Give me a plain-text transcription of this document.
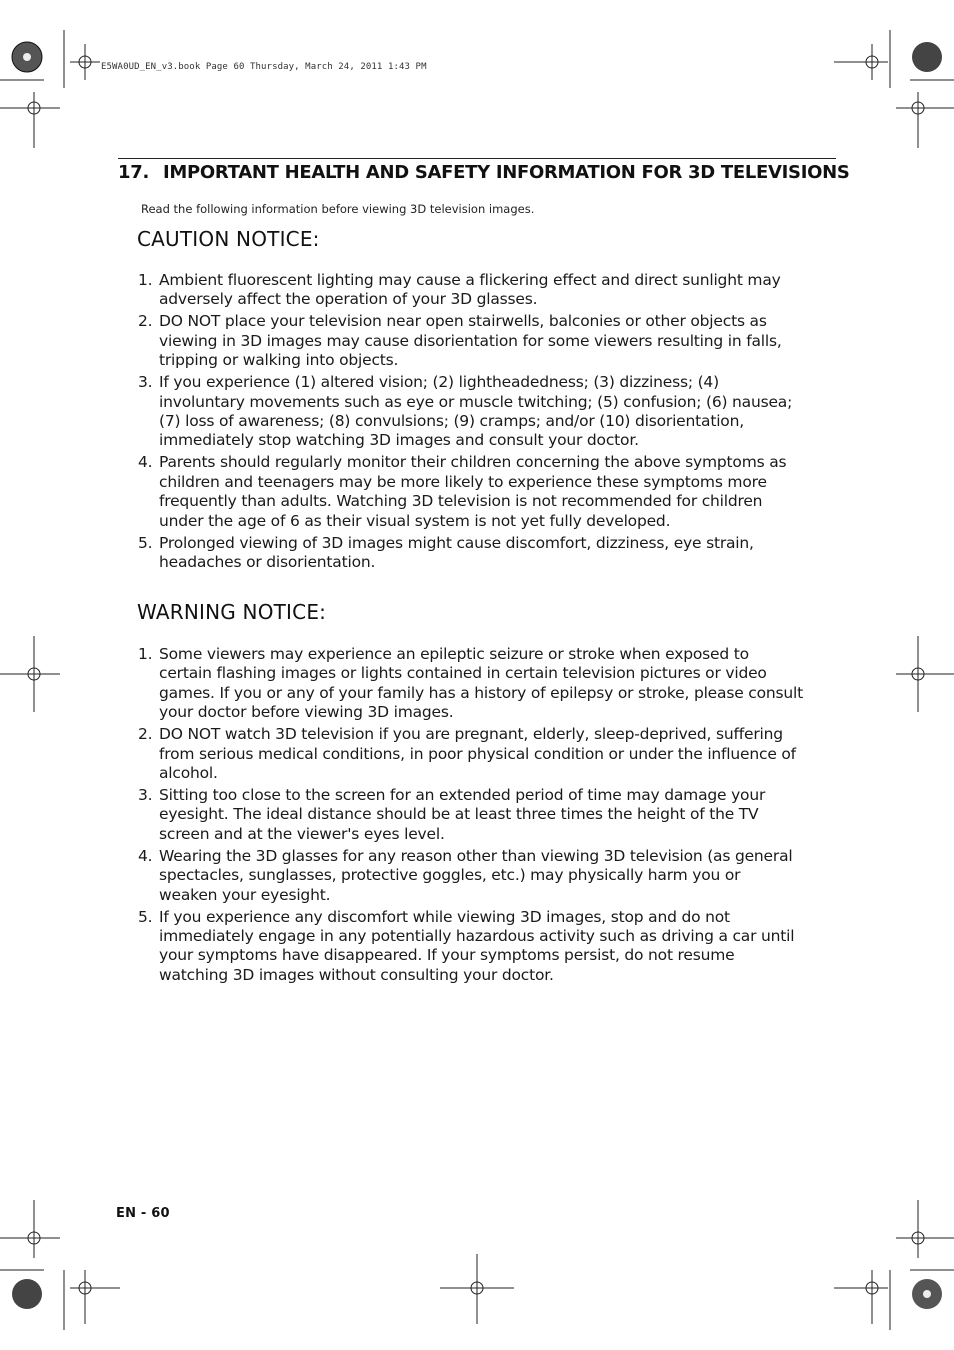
E5WA0UD_EN_v3.book Page 60 Thursday, March 24, 2011 1:43 PM
17. IMPORTANT HEALTH AND SAFETY INFORMATION FOR 3D TELEVISIONS
Read the following information before viewing 3D television images.
CAUTION NOTICE:
1. Ambient fluorescent lighting may cause a flickering effect and direct sunlight may adversely affect the operation of your 3D glasses.
2. DO NOT place your television near open stairwells, balconies or other objects as viewing in 3D images may cause disorientation for some viewers resulting in falls, tripping or walking into objects.
3. If you experience (1) altered vision; (2) lightheadedness; (3) dizziness; (4) involuntary movements such as eye or muscle twitching; (5) confusion; (6) nausea; (7) loss of awareness; (8) convulsions; (9) cramps; and/or (10) disorientation, immediately stop watching 3D images and consult your doctor.
4. Parents should regularly monitor their children concerning the above symptoms as children and teenagers may be more likely to experience these symptoms more frequently than adults. Watching 3D television is not recommended for children under the age of 6 as their visual system is not yet fully developed.
5. Prolonged viewing of 3D images might cause discomfort, dizziness, eye strain, headaches or disorientation.
WARNING NOTICE:
1. Some viewers may experience an epileptic seizure or stroke when exposed to certain flashing images or lights contained in certain television pictures or video games. If you or any of your family has a history of epilepsy or stroke, please consult your doctor before viewing 3D images.
2. DO NOT watch 3D television if you are pregnant, elderly, sleep-deprived, suffering from serious medical conditions, in poor physical condition or under the influence of alcohol.
3. Sitting too close to the screen for an extended period of time may damage your eyesight. The ideal distance should be at least three times the height of the TV screen and at the viewer's eyes level.
4. Wearing the 3D glasses for any reason other than viewing 3D television (as general spectacles, sunglasses, protective goggles, etc.) may physically harm you or weaken your eyesight.
5. If you experience any discomfort while viewing 3D images, stop and do not immediately engage in any potentially hazardous activity such as driving a car until your symptoms have disappeared. If your symptoms persist, do not resume watching 3D images without consulting your doctor.
EN - 60
